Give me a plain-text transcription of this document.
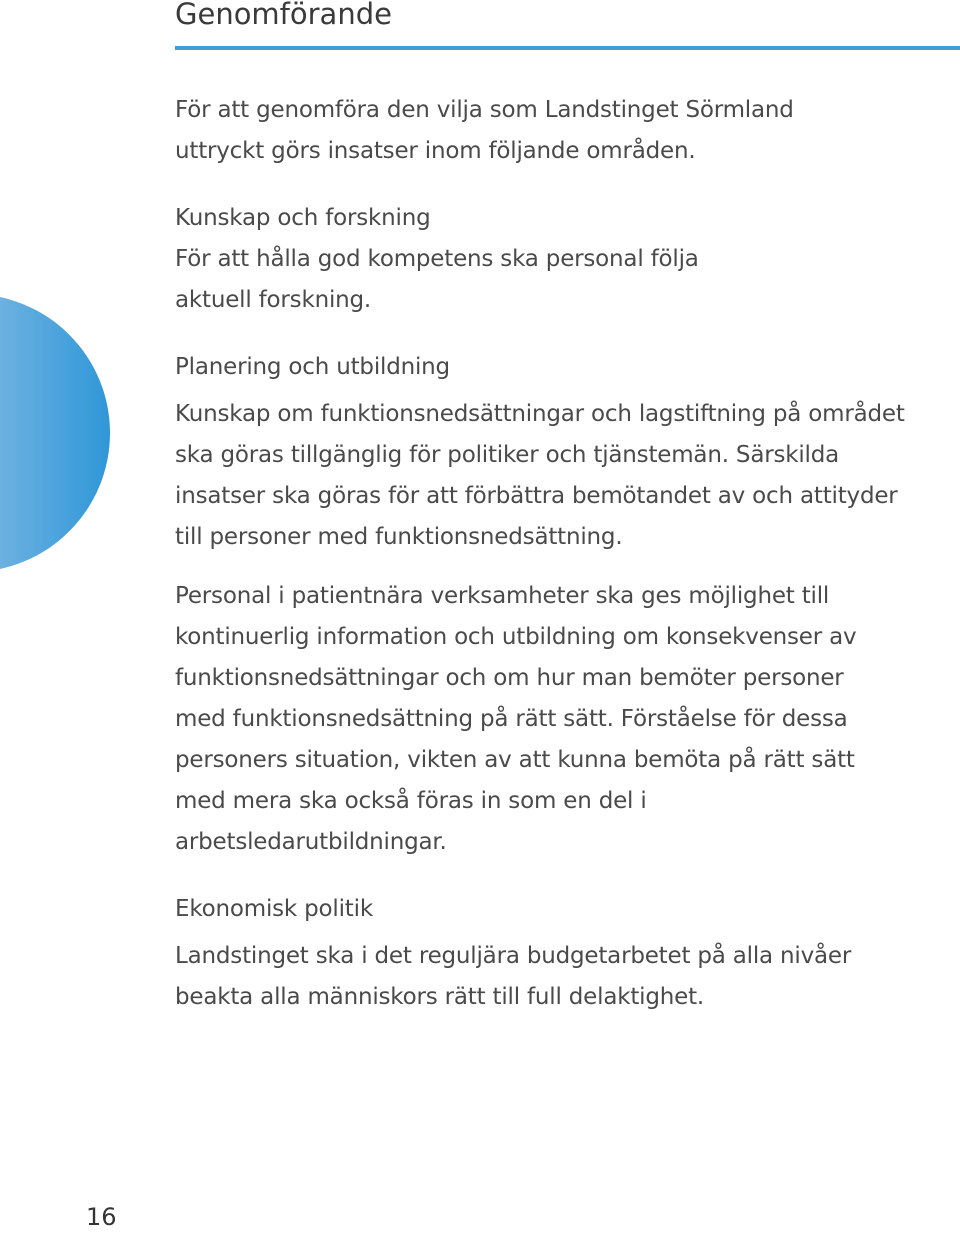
Genomförande

För att genomföra den vilja som Landstinget Sörmland uttryckt görs insatser inom följande områden.

Kunskap och forskning

För att hålla god kompetens ska personal följa aktuell forskning.

Planering och utbildning

Kunskap om funktionsnedsättningar och lagstiftning på området ska göras tillgänglig för politiker och tjänstemän. Särskilda insatser ska göras för att förbättra bemötandet av och attityder till personer med funktionsnedsättning.

Personal i patientnära verksamheter ska ges möjlighet till kontinuerlig information och utbildning om konsekvenser av funktionsnedsättningar och om hur man bemöter personer med funktionsnedsättning på rätt sätt. Förståelse för dessa personers situation, vikten av att kunna bemöta på rätt sätt med mera ska också föras in som en del i arbetsledarutbildningar.

Ekonomisk politik

Landstinget ska i det reguljära budgetarbetet på alla nivåer beakta alla människors rätt till full delaktighet.

16
